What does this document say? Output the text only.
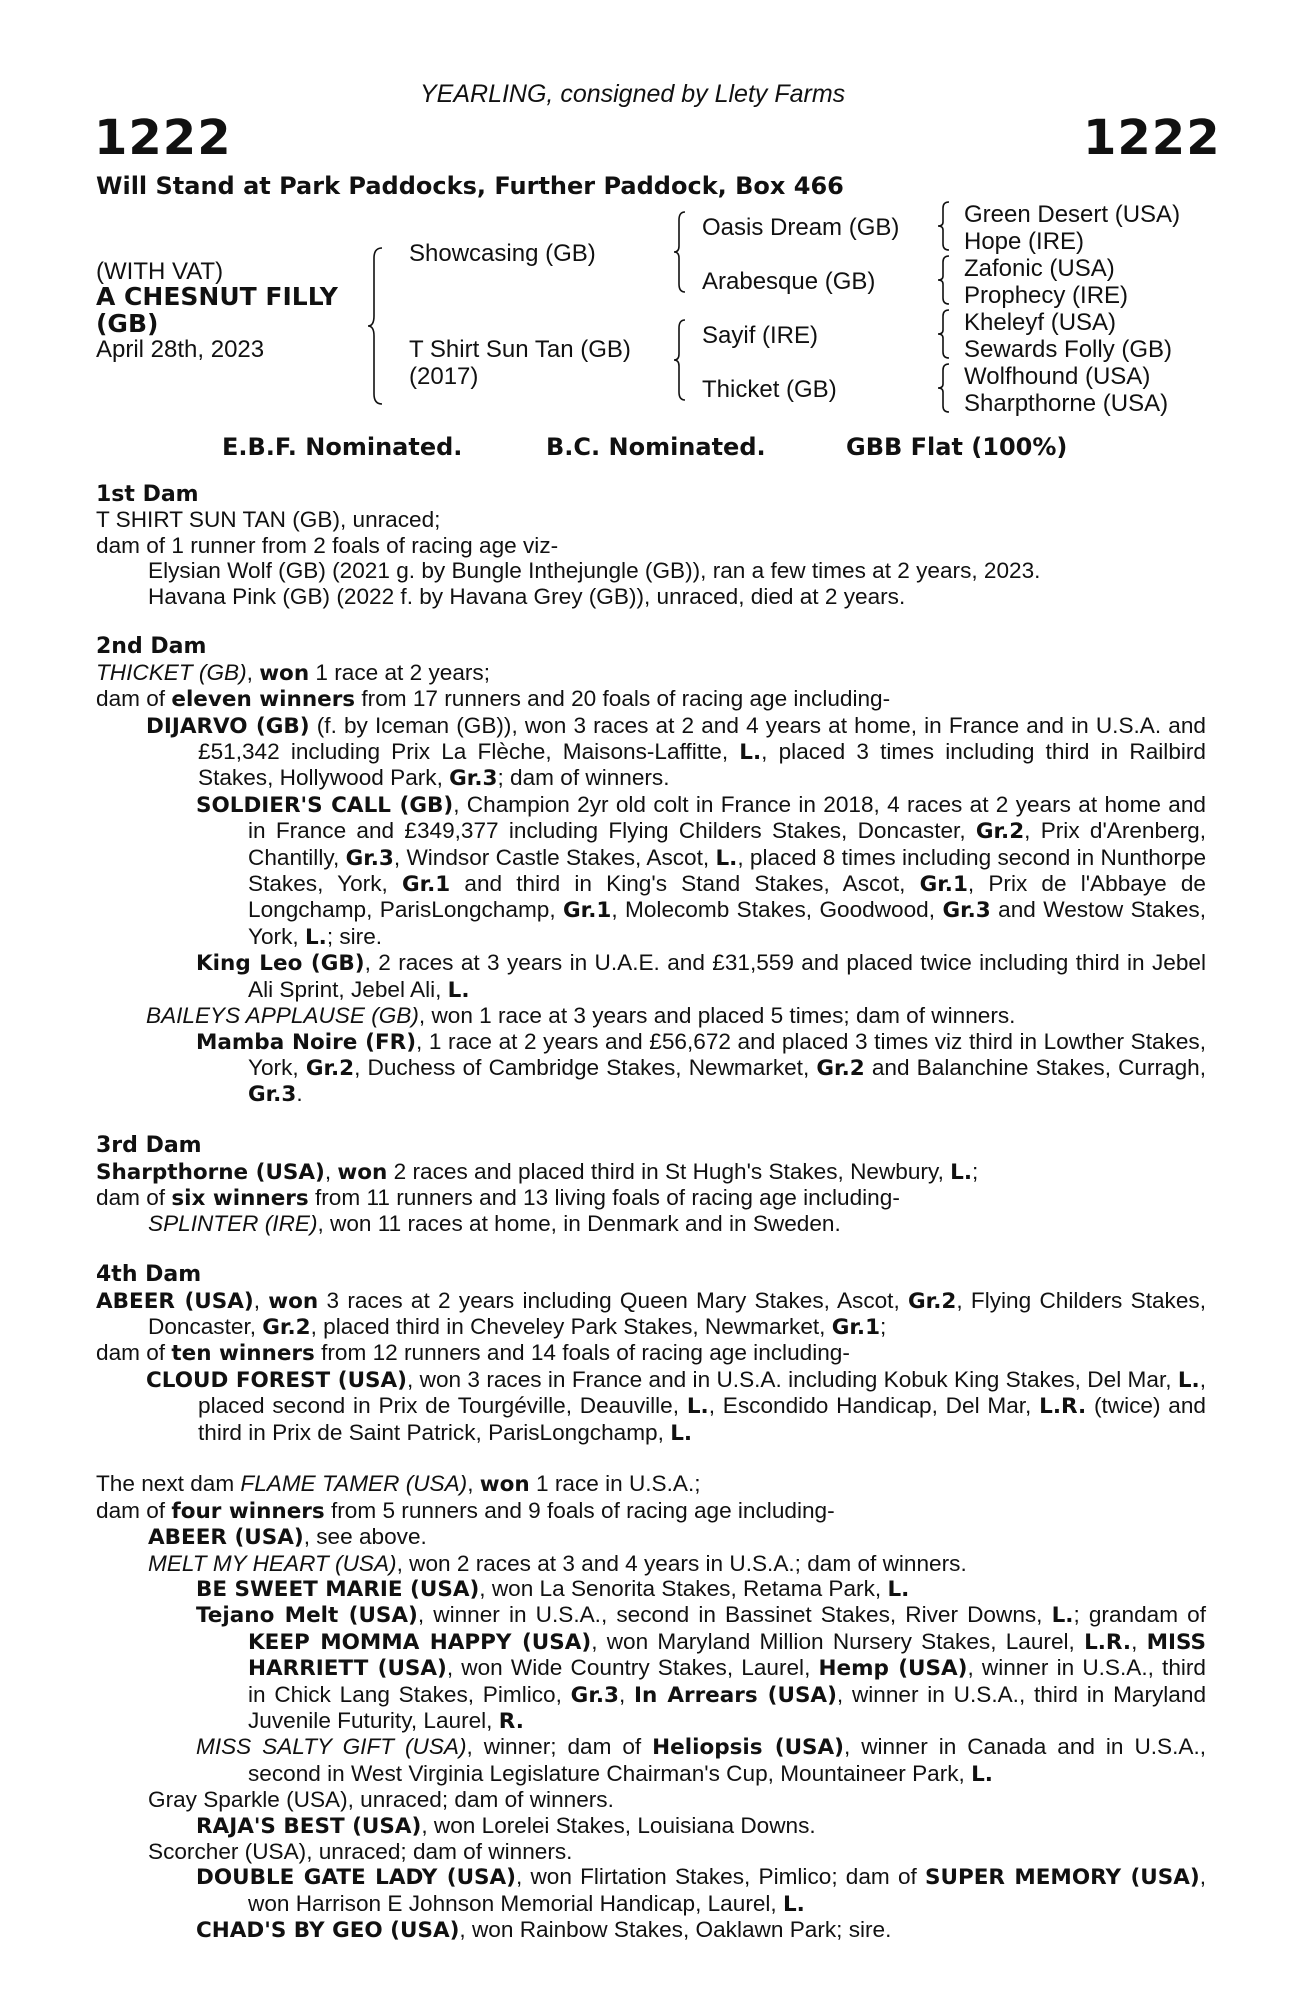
YEARLING, consigned by Llety Farms
1222	1222
Will Stand at Park Paddocks, Further Paddock, Box 466
(WITH VAT)
A CHESNUT FILLY
(GB)
April 28th, 2023
Showcasing (GB)
T Shirt Sun Tan (GB)
(2017)
Oasis Dream (GB)
Arabesque (GB)
Sayif (IRE)
Thicket (GB)
Green Desert (USA)
Hope (IRE)
Zafonic (USA)
Prophecy (IRE)
Kheleyf (USA)
Sewards Folly (GB)
Wolfhound (USA)
Sharpthorne (USA)
E.B.F. Nominated.	B.C. Nominated.	GBB Flat (100%)

1st Dam

T SHIRT SUN TAN (GB), unraced;

dam of 1 runner from 2 foals of racing age viz-

Elysian Wolf (GB) (2021 g. by Bungle Inthejungle (GB)), ran a few times at 2 years, 2023.

Havana Pink (GB) (2022 f. by Havana Grey (GB)), unraced, died at 2 years.

2nd Dam

THICKET (GB), won 1 race at 2 years;

dam of eleven winners from 17 runners and 20 foals of racing age including-

DIJARVO (GB) (f. by Iceman (GB)), won 3 races at 2 and 4 years at home, in France and in U.S.A. and £51,342 including Prix La Flèche, Maisons-Laffitte, L., placed 3 times including third in Railbird Stakes, Hollywood Park, Gr.3; dam of winners.

SOLDIER'S CALL (GB), Champion 2yr old colt in France in 2018, 4 races at 2 years at home and in France and £349,377 including Flying Childers Stakes, Doncaster, Gr.2, Prix d'Arenberg, Chantilly, Gr.3, Windsor Castle Stakes, Ascot, L., placed 8 times including second in Nunthorpe Stakes, York, Gr.1 and third in King's Stand Stakes, Ascot, Gr.1, Prix de l'Abbaye de Longchamp, ParisLongchamp, Gr.1, Molecomb Stakes, Goodwood, Gr.3 and Westow Stakes, York, L.; sire.

King Leo (GB), 2 races at 3 years in U.A.E. and £31,559 and placed twice including third in Jebel Ali Sprint, Jebel Ali, L.

BAILEYS APPLAUSE (GB), won 1 race at 3 years and placed 5 times; dam of winners.

Mamba Noire (FR), 1 race at 2 years and £56,672 and placed 3 times viz third in Lowther Stakes, York, Gr.2, Duchess of Cambridge Stakes, Newmarket, Gr.2 and Balanchine Stakes, Curragh, Gr.3.

3rd Dam

Sharpthorne (USA), won 2 races and placed third in St Hugh's Stakes, Newbury, L.;

dam of six winners from 11 runners and 13 living foals of racing age including-

SPLINTER (IRE), won 11 races at home, in Denmark and in Sweden.

4th Dam

ABEER (USA), won 3 races at 2 years including Queen Mary Stakes, Ascot, Gr.2, Flying Childers Stakes, Doncaster, Gr.2, placed third in Cheveley Park Stakes, Newmarket, Gr.1;

dam of ten winners from 12 runners and 14 foals of racing age including-

CLOUD FOREST (USA), won 3 races in France and in U.S.A. including Kobuk King Stakes, Del Mar, L., placed second in Prix de Tourgéville, Deauville, L., Escondido Handicap, Del Mar, L.R. (twice) and third in Prix de Saint Patrick, ParisLongchamp, L.

The next dam FLAME TAMER (USA), won 1 race in U.S.A.;

dam of four winners from 5 runners and 9 foals of racing age including-

ABEER (USA), see above.

MELT MY HEART (USA), won 2 races at 3 and 4 years in U.S.A.; dam of winners.

BE SWEET MARIE (USA), won La Senorita Stakes, Retama Park, L.

Tejano Melt (USA), winner in U.S.A., second in Bassinet Stakes, River Downs, L.; grandam of KEEP MOMMA HAPPY (USA), won Maryland Million Nursery Stakes, Laurel, L.R., MISS HARRIETT (USA), won Wide Country Stakes, Laurel, Hemp (USA), winner in U.S.A., third in Chick Lang Stakes, Pimlico, Gr.3, In Arrears (USA), winner in U.S.A., third in Maryland Juvenile Futurity, Laurel, R.

MISS SALTY GIFT (USA), winner; dam of Heliopsis (USA), winner in Canada and in U.S.A., second in West Virginia Legislature Chairman's Cup, Mountaineer Park, L.

Gray Sparkle (USA), unraced; dam of winners.

RAJA'S BEST (USA), won Lorelei Stakes, Louisiana Downs.

Scorcher (USA), unraced; dam of winners.

DOUBLE GATE LADY (USA), won Flirtation Stakes, Pimlico; dam of SUPER MEMORY (USA), won Harrison E Johnson Memorial Handicap, Laurel, L.

CHAD'S BY GEO (USA), won Rainbow Stakes, Oaklawn Park; sire.
